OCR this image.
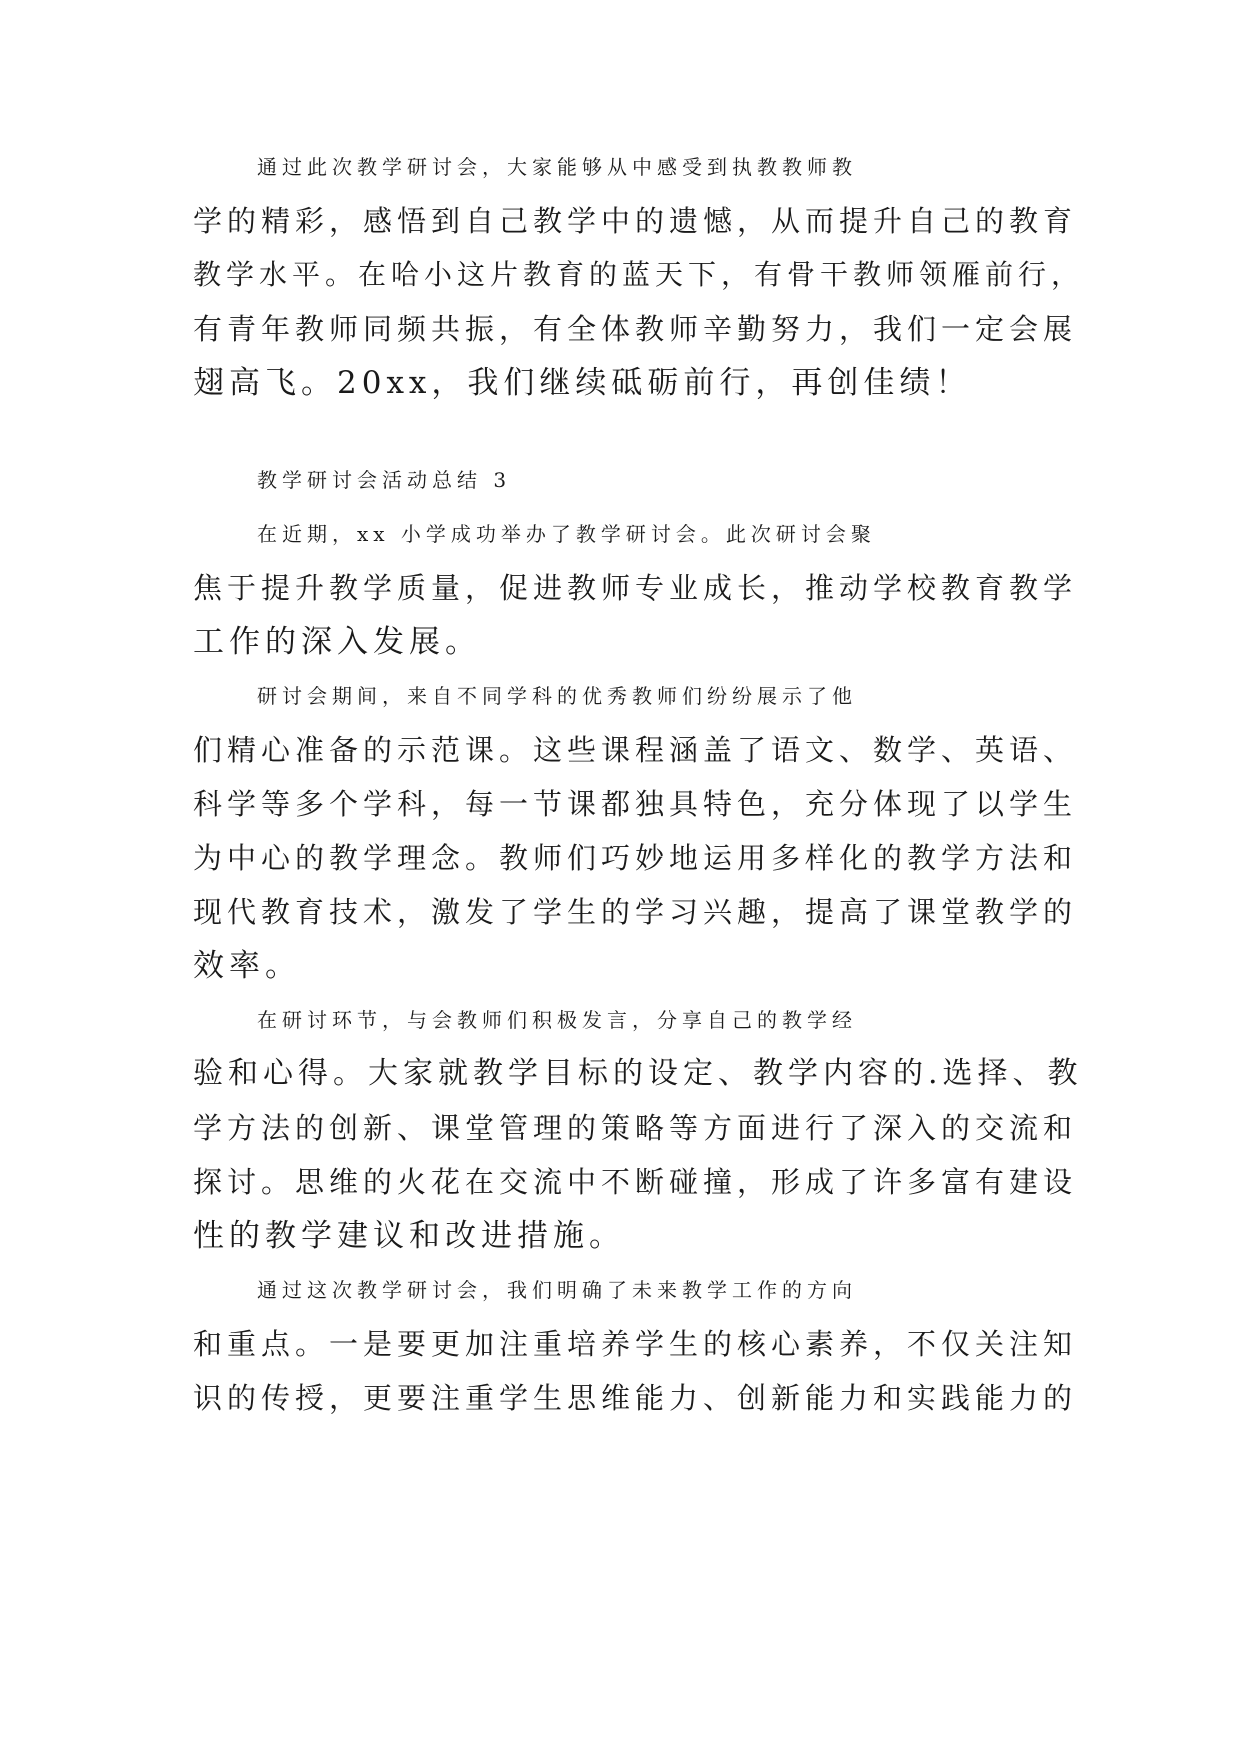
通过此次教学研讨会，大家能够从中感受到执教教师教
学的精彩，感悟到自己教学中的遗憾，从而提升自己的教育
教学水平。在哈小这片教育的蓝天下，有骨干教师领雁前行，
有青年教师同频共振，有全体教师辛勤努力，我们一定会展
翅高飞。20xx，我们继续砥砺前行，再创佳绩！
教学研讨会活动总结 3
在近期，xx 小学成功举办了教学研讨会。此次研讨会聚
焦于提升教学质量，促进教师专业成长，推动学校教育教学
工作的深入发展。
研讨会期间，来自不同学科的优秀教师们纷纷展示了他
们精心准备的示范课。这些课程涵盖了语文、数学、英语、
科学等多个学科，每一节课都独具特色，充分体现了以学生
为中心的教学理念。教师们巧妙地运用多样化的教学方法和
现代教育技术，激发了学生的学习兴趣，提高了课堂教学的
效率。
在研讨环节，与会教师们积极发言，分享自己的教学经
验和心得。大家就教学目标的设定、教学内容的.选择、教
学方法的创新、课堂管理的策略等方面进行了深入的交流和
探讨。思维的火花在交流中不断碰撞，形成了许多富有建设
性的教学建议和改进措施。
通过这次教学研讨会，我们明确了未来教学工作的方向
和重点。一是要更加注重培养学生的核心素养，不仅关注知
识的传授，更要注重学生思维能力、创新能力和实践能力的
